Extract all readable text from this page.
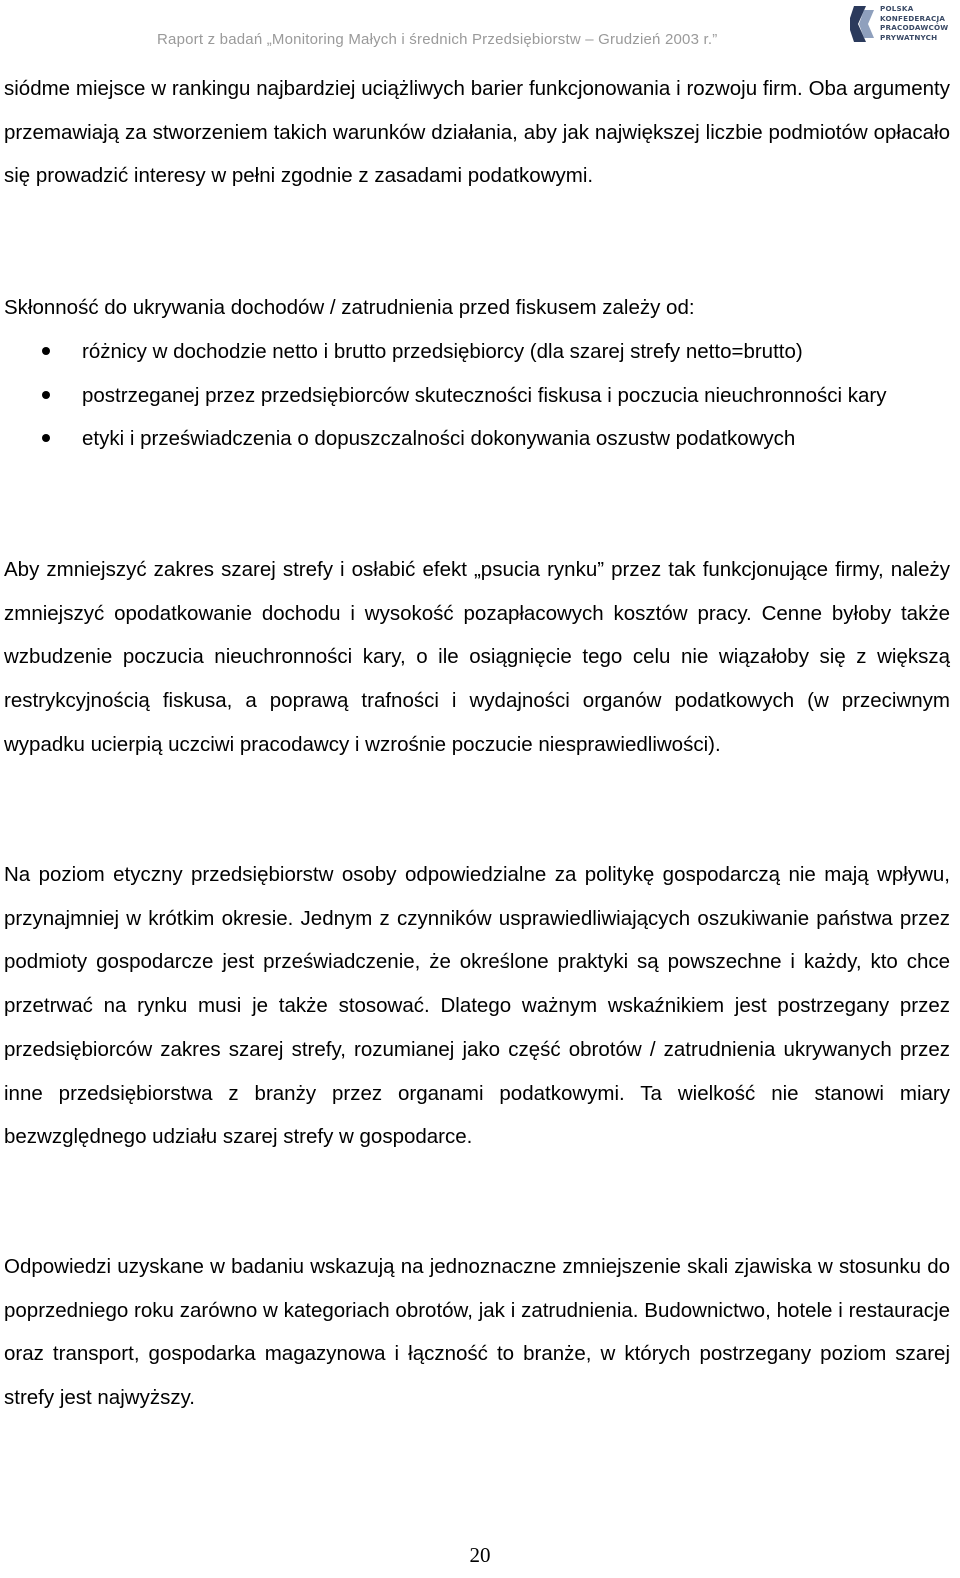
Raport z badań „Monitoring Małych i średnich Przedsiębiorstw – Grudzień 2003 r.”
POLSKA
KONFEDERACJA
PRACODAWCÓW
PRYWATNYCH

siódme miejsce w rankingu najbardziej uciążliwych barier funkcjonowania i rozwoju firm. Oba argumenty przemawiają za stworzeniem takich warunków działania, aby jak największej liczbie podmiotów opłacało się prowadzić interesy w pełni zgodnie z zasadami podatkowymi.

Skłonność do ukrywania dochodów / zatrudnienia przed fiskusem zależy od:

różnicy w dochodzie netto i brutto przedsiębiorcy (dla szarej strefy netto=brutto)
postrzeganej przez przedsiębiorców skuteczności fiskusa i poczucia nieuchronności kary
etyki i przeświadczenia o dopuszczalności dokonywania oszustw podatkowych

Aby zmniejszyć zakres szarej strefy i osłabić efekt „psucia rynku” przez tak funkcjonujące firmy, należy zmniejszyć opodatkowanie dochodu i wysokość pozapłacowych kosztów pracy. Cenne byłoby także wzbudzenie poczucia nieuchronności kary, o ile osiągnięcie tego celu nie wiązałoby się z większą restrykcyjnością fiskusa, a poprawą trafności i wydajności organów podatkowych (w przeciwnym wypadku ucierpią uczciwi pracodawcy i wzrośnie poczucie niesprawiedliwości).

Na poziom etyczny przedsiębiorstw osoby odpowiedzialne za politykę gospodarczą nie mają wpływu, przynajmniej w krótkim okresie. Jednym z czynników usprawiedliwiających oszukiwanie państwa przez podmioty gospodarcze jest przeświadczenie, że określone praktyki są powszechne i każdy, kto chce przetrwać na rynku musi je także stosować. Dlatego ważnym wskaźnikiem jest postrzegany przez przedsiębiorców zakres szarej strefy, rozumianej jako część obrotów / zatrudnienia ukrywanych przez inne przedsiębiorstwa z branży przez organami podatkowymi. Ta wielkość nie stanowi miary bezwzględnego udziału szarej strefy w gospodarce.

Odpowiedzi uzyskane w badaniu wskazują na jednoznaczne zmniejszenie skali zjawiska w stosunku do poprzedniego roku zarówno w kategoriach obrotów, jak i zatrudnienia. Budownictwo, hotele i restauracje oraz transport, gospodarka magazynowa i łączność to branże, w których postrzegany poziom szarej strefy jest najwyższy.

20
